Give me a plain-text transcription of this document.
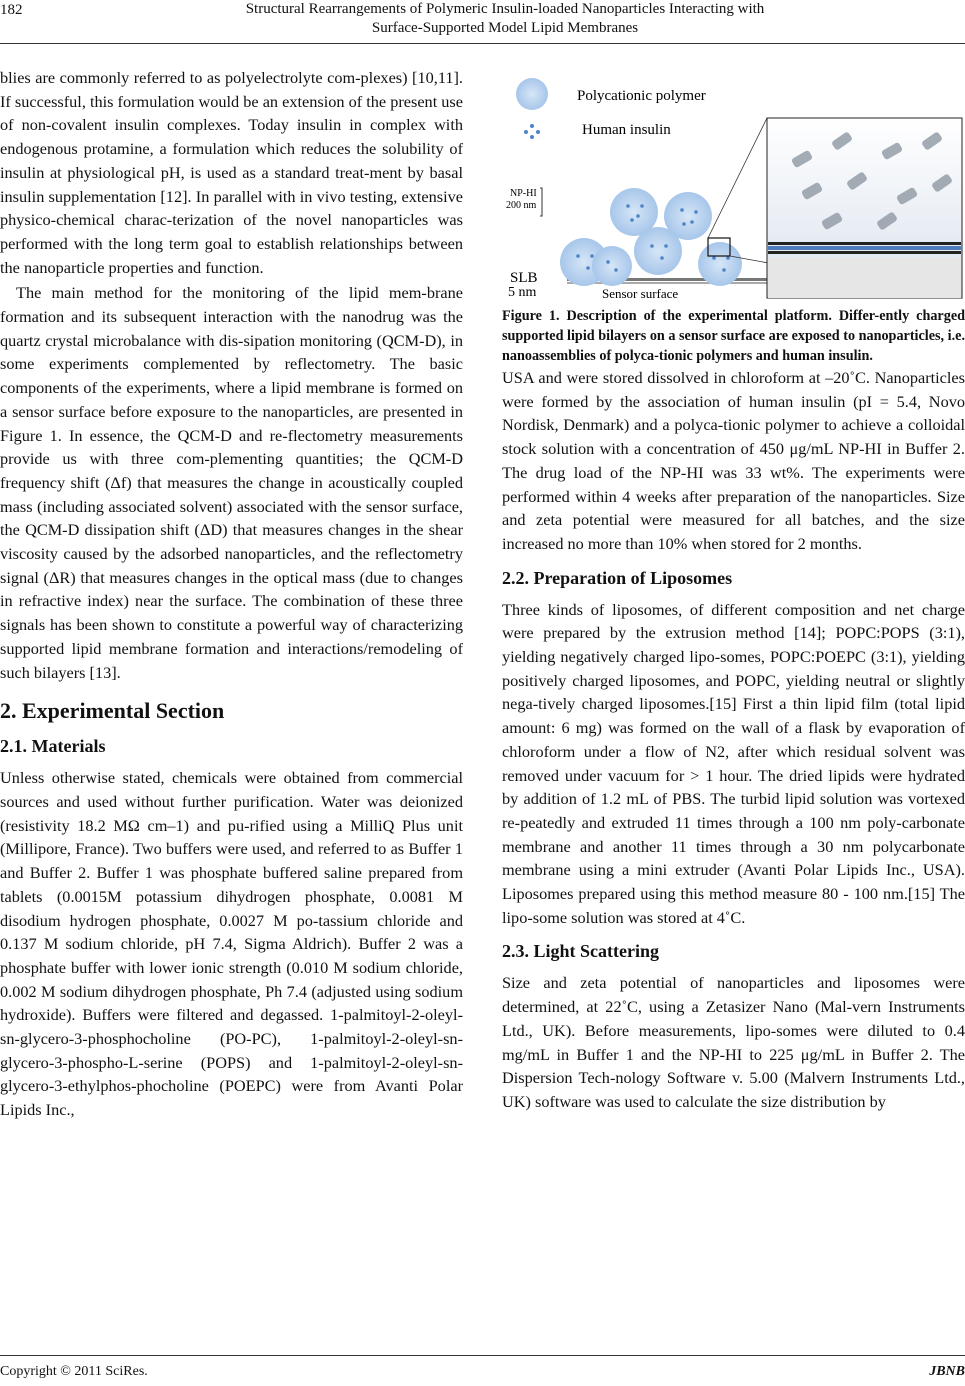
182	Structural Rearrangements of Polymeric Insulin-loaded Nanoparticles Interacting with
Surface-Supported Model Lipid Membranes

blies are commonly referred to as polyelectrolyte com-plexes) [10,11]. If successful, this formulation would be an extension of the present use of non-covalent insulin complexes. Today insulin in complex with endogenous protamine, a formulation which reduces the solubility of insulin at physiological pH, is used as a standard treat-ment by basal insulin supplementation [12]. In parallel with in vivo testing, extensive physico-chemical charac-terization of the novel nanoparticles was performed with the long term goal to establish relationships between the nanoparticle properties and function.

The main method for the monitoring of the lipid mem-brane formation and its subsequent interaction with the nanodrug was the quartz crystal microbalance with dis-sipation monitoring (QCM-D), in some experiments complemented by reflectometry. The basic components of the experiments, where a lipid membrane is formed on a sensor surface before exposure to the nanoparticles, are presented in Figure 1. In essence, the QCM-D and re-flectometry measurements provide us with three com-plementing quantities; the QCM-D frequency shift (Δf) that measures the change in acoustically coupled mass (including associated solvent) associated with the sensor surface, the QCM-D dissipation shift (ΔD) that measures changes in the shear viscosity caused by the adsorbed nanoparticles, and the reflectometry signal (ΔR) that measures changes in the optical mass (due to changes in refractive index) near the surface. The combination of these three signals has been shown to constitute a powerful way of characterizing supported lipid membrane formation and interactions/remodeling of such bilayers [13].

2. Experimental Section
2.1. Materials

Unless otherwise stated, chemicals were obtained from commercial sources and used without further purification. Water was deionized (resistivity 18.2 MΩ cm–1) and pu-rified using a MilliQ Plus unit (Millipore, France). Two buffers were used, and referred to as Buffer 1 and Buffer 2. Buffer 1 was phosphate buffered saline prepared from tablets (0.0015M potassium dihydrogen phosphate, 0.0081 M disodium hydrogen phosphate, 0.0027 M po-tassium chloride and 0.137 M sodium chloride, pH 7.4, Sigma Aldrich). Buffer 2 was a phosphate buffer with lower ionic strength (0.010 M sodium chloride, 0.002 M sodium dihydrogen phosphate, Ph 7.4 (adjusted using sodium hydroxide). Buffers were filtered and degassed. 1-palmitoyl-2-oleyl-sn-glycero-3-phosphocholine (PO-PC), 1-palmitoyl-2-oleyl-sn-glycero-3-phospho-L-serine (POPS) and 1-palmitoyl-2-oleyl-sn-glycero-3-ethylphos-phocholine (POEPC) were from Avanti Polar Lipids Inc.,

Polycationic polymer
Human insulin
Sensor surface
NP-HI
200 nm
SLB
5 nm

Figure 1. Description of the experimental platform. Differ-ently charged supported lipid bilayers on a sensor surface are exposed to nanoparticles, i.e. nanoassemblies of polyca-tionic polymers and human insulin.

USA and were stored dissolved in chloroform at –20˚C. Nanoparticles were formed by the association of human insulin (pI = 5.4, Novo Nordisk, Denmark) and a polyca-tionic polymer to achieve a colloidal stock solution with a concentration of 450 μg/mL NP-HI in Buffer 2. The drug load of the NP-HI was 33 wt%. The experiments were performed within 4 weeks after preparation of the nanoparticles. Size and zeta potential were measured for all batches, and the size increased no more than 10% when stored for 2 months.

2.2. Preparation of Liposomes

Three kinds of liposomes, of different composition and net charge were prepared by the extrusion method [14]; POPC:POPS (3:1), yielding negatively charged lipo-somes, POPC:POEPC (3:1), yielding positively charged liposomes, and POPC, yielding neutral or slightly nega-tively charged liposomes.[15] First a thin lipid film (total lipid amount: 6 mg) was formed on the wall of a flask by evaporation of chloroform under a flow of N2, after which residual solvent was removed under vacuum for > 1 hour. The dried lipids were hydrated by addition of 1.2 mL of PBS. The turbid lipid solution was vortexed re-peatedly and extruded 11 times through a 100 nm poly-carbonate membrane and another 11 times through a 30 nm polycarbonate membrane using a mini extruder (Avanti Polar Lipids Inc., USA). Liposomes prepared using this method measure 80 - 100 nm.[15] The lipo-some solution was stored at 4˚C.

2.3. Light Scattering

Size and zeta potential of nanoparticles and liposomes were determined, at 22˚C, using a Zetasizer Nano (Mal-vern Instruments Ltd., UK). Before measurements, lipo-somes were diluted to 0.4 mg/mL in Buffer 1 and the NP-HI to 225 μg/mL in Buffer 2. The Dispersion Tech-nology Software v. 5.00 (Malvern Instruments Ltd., UK) software was used to calculate the size distribution by

Copyright © 2011 SciRes.	JBNB
